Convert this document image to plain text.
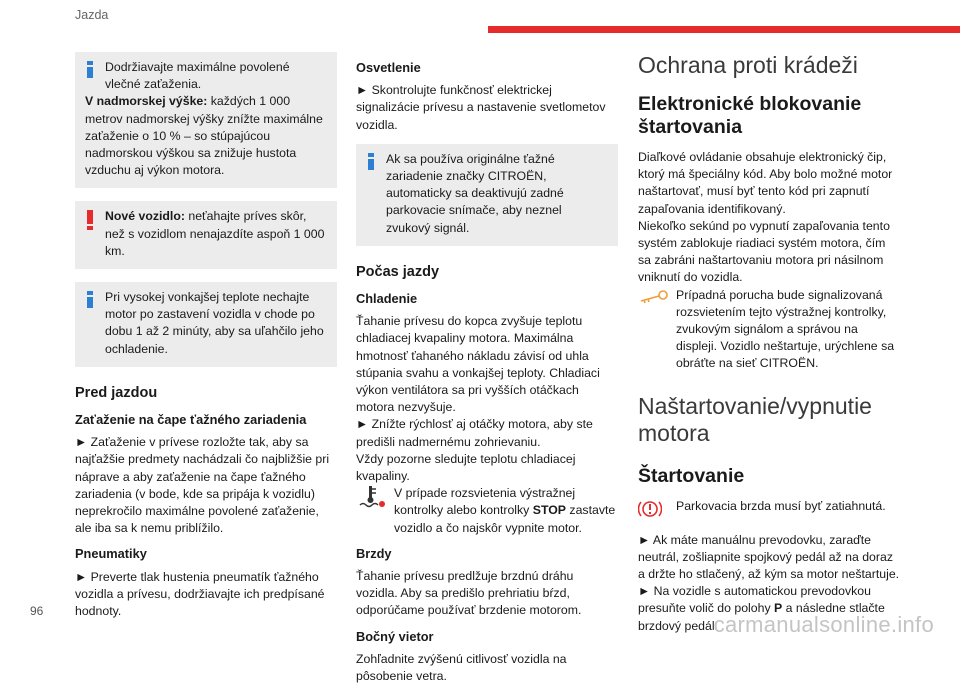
Jazda
Dodržiavajte maximálne povolené vlečné zaťaženia.
V nadmorskej výške: každých 1 000 metrov nadmorskej výšky znížte maximálne zaťaženie o 10 % – so stúpajúcou nadmorskou výškou sa znižuje hustota vzduchu aj výkon motora.
Nové vozidlo: neťahajte príves skôr, než s vozidlom nenajazdíte aspoň 1 000 km.
Pri vysokej vonkajšej teplote nechajte motor po zastavení vozidla v chode po dobu 1 až 2 minúty, aby sa uľahčilo jeho ochladenie.
Pred jazdou
Zaťaženie na čape ťažného zariadenia

► Zaťaženie v prívese rozložte tak, aby sa najťažšie predmety nachádzali čo najbližšie pri náprave a aby zaťaženie na čape ťažného zariadenia (v bode, kde sa pripája k vozidlu) neprekročilo maximálne povolené zaťaženie, ale iba sa k nemu priblížilo.

Pneumatiky

► Preverte tlak hustenia pneumatík ťažného vozidla a prívesu, dodržiavajte ich predpísané hodnoty.

Osvetlenie

► Skontrolujte funkčnosť elektrickej signalizácie prívesu a nastavenie svetlometov vozidla.

Ak sa používa originálne ťažné zariadenie značky CITROËN, automaticky sa deaktivujú zadné parkovacie snímače, aby neznel zvukový signál.
Počas jazdy
Chladenie

Ťahanie prívesu do kopca zvyšuje teplotu chladiacej kvapaliny motora. Maximálna hmotnosť ťahaného nákladu závisí od uhla stúpania svahu a vonkajšej teploty. Chladiaci výkon ventilátora sa pri vyšších otáčkach motora nezvyšuje.

► Znížte rýchlosť aj otáčky motora, aby ste predišli nadmernému zohrievaniu.

Vždy pozorne sledujte teplotu chladiacej kvapaliny.

V prípade rozsvietenia výstražnej kontrolky alebo kontrolky STOP zastavte vozidlo a čo najskôr vypnite motor.

Brzdy

Ťahanie prívesu predlžuje brzdnú dráhu vozidla. Aby sa predišlo prehriatiu bŕzd, odporúčame používať brzdenie motorom.

Bočný vietor

Zohľadnite zvýšenú citlivosť vozidla na pôsobenie vetra.

Ochrana proti krádeži
Elektronické blokovanie štartovania

Diaľkové ovládanie obsahuje elektronický čip, ktorý má špeciálny kód. Aby bolo možné motor naštartovať, musí byť tento kód pri zapnutí zapaľovania identifikovaný.

Niekoľko sekúnd po vypnutí zapaľovania tento systém zablokuje riadiaci systém motora, čím sa zabráni naštartovaniu motora pri násilnom vniknutí do vozidla.

Prípadná porucha bude signalizovaná rozsvietením tejto výstražnej kontrolky, zvukovým signálom a správou na displeji. Vozidlo neštartuje, urýchlene sa obráťte na sieť CITROËN.

Naštartovanie/vypnutie motora
Štartovanie

Parkovacia brzda musí byť zatiahnutá.

► Ak máte manuálnu prevodovku, zaraďte neutrál, zošliapnite spojkový pedál až na doraz a držte ho stlačený, až kým sa motor neštartuje.

► Na vozidle s automatickou prevodovkou presuňte volič do polohy P a následne stlačte brzdový pedál.

96
carmanualsonline.info
